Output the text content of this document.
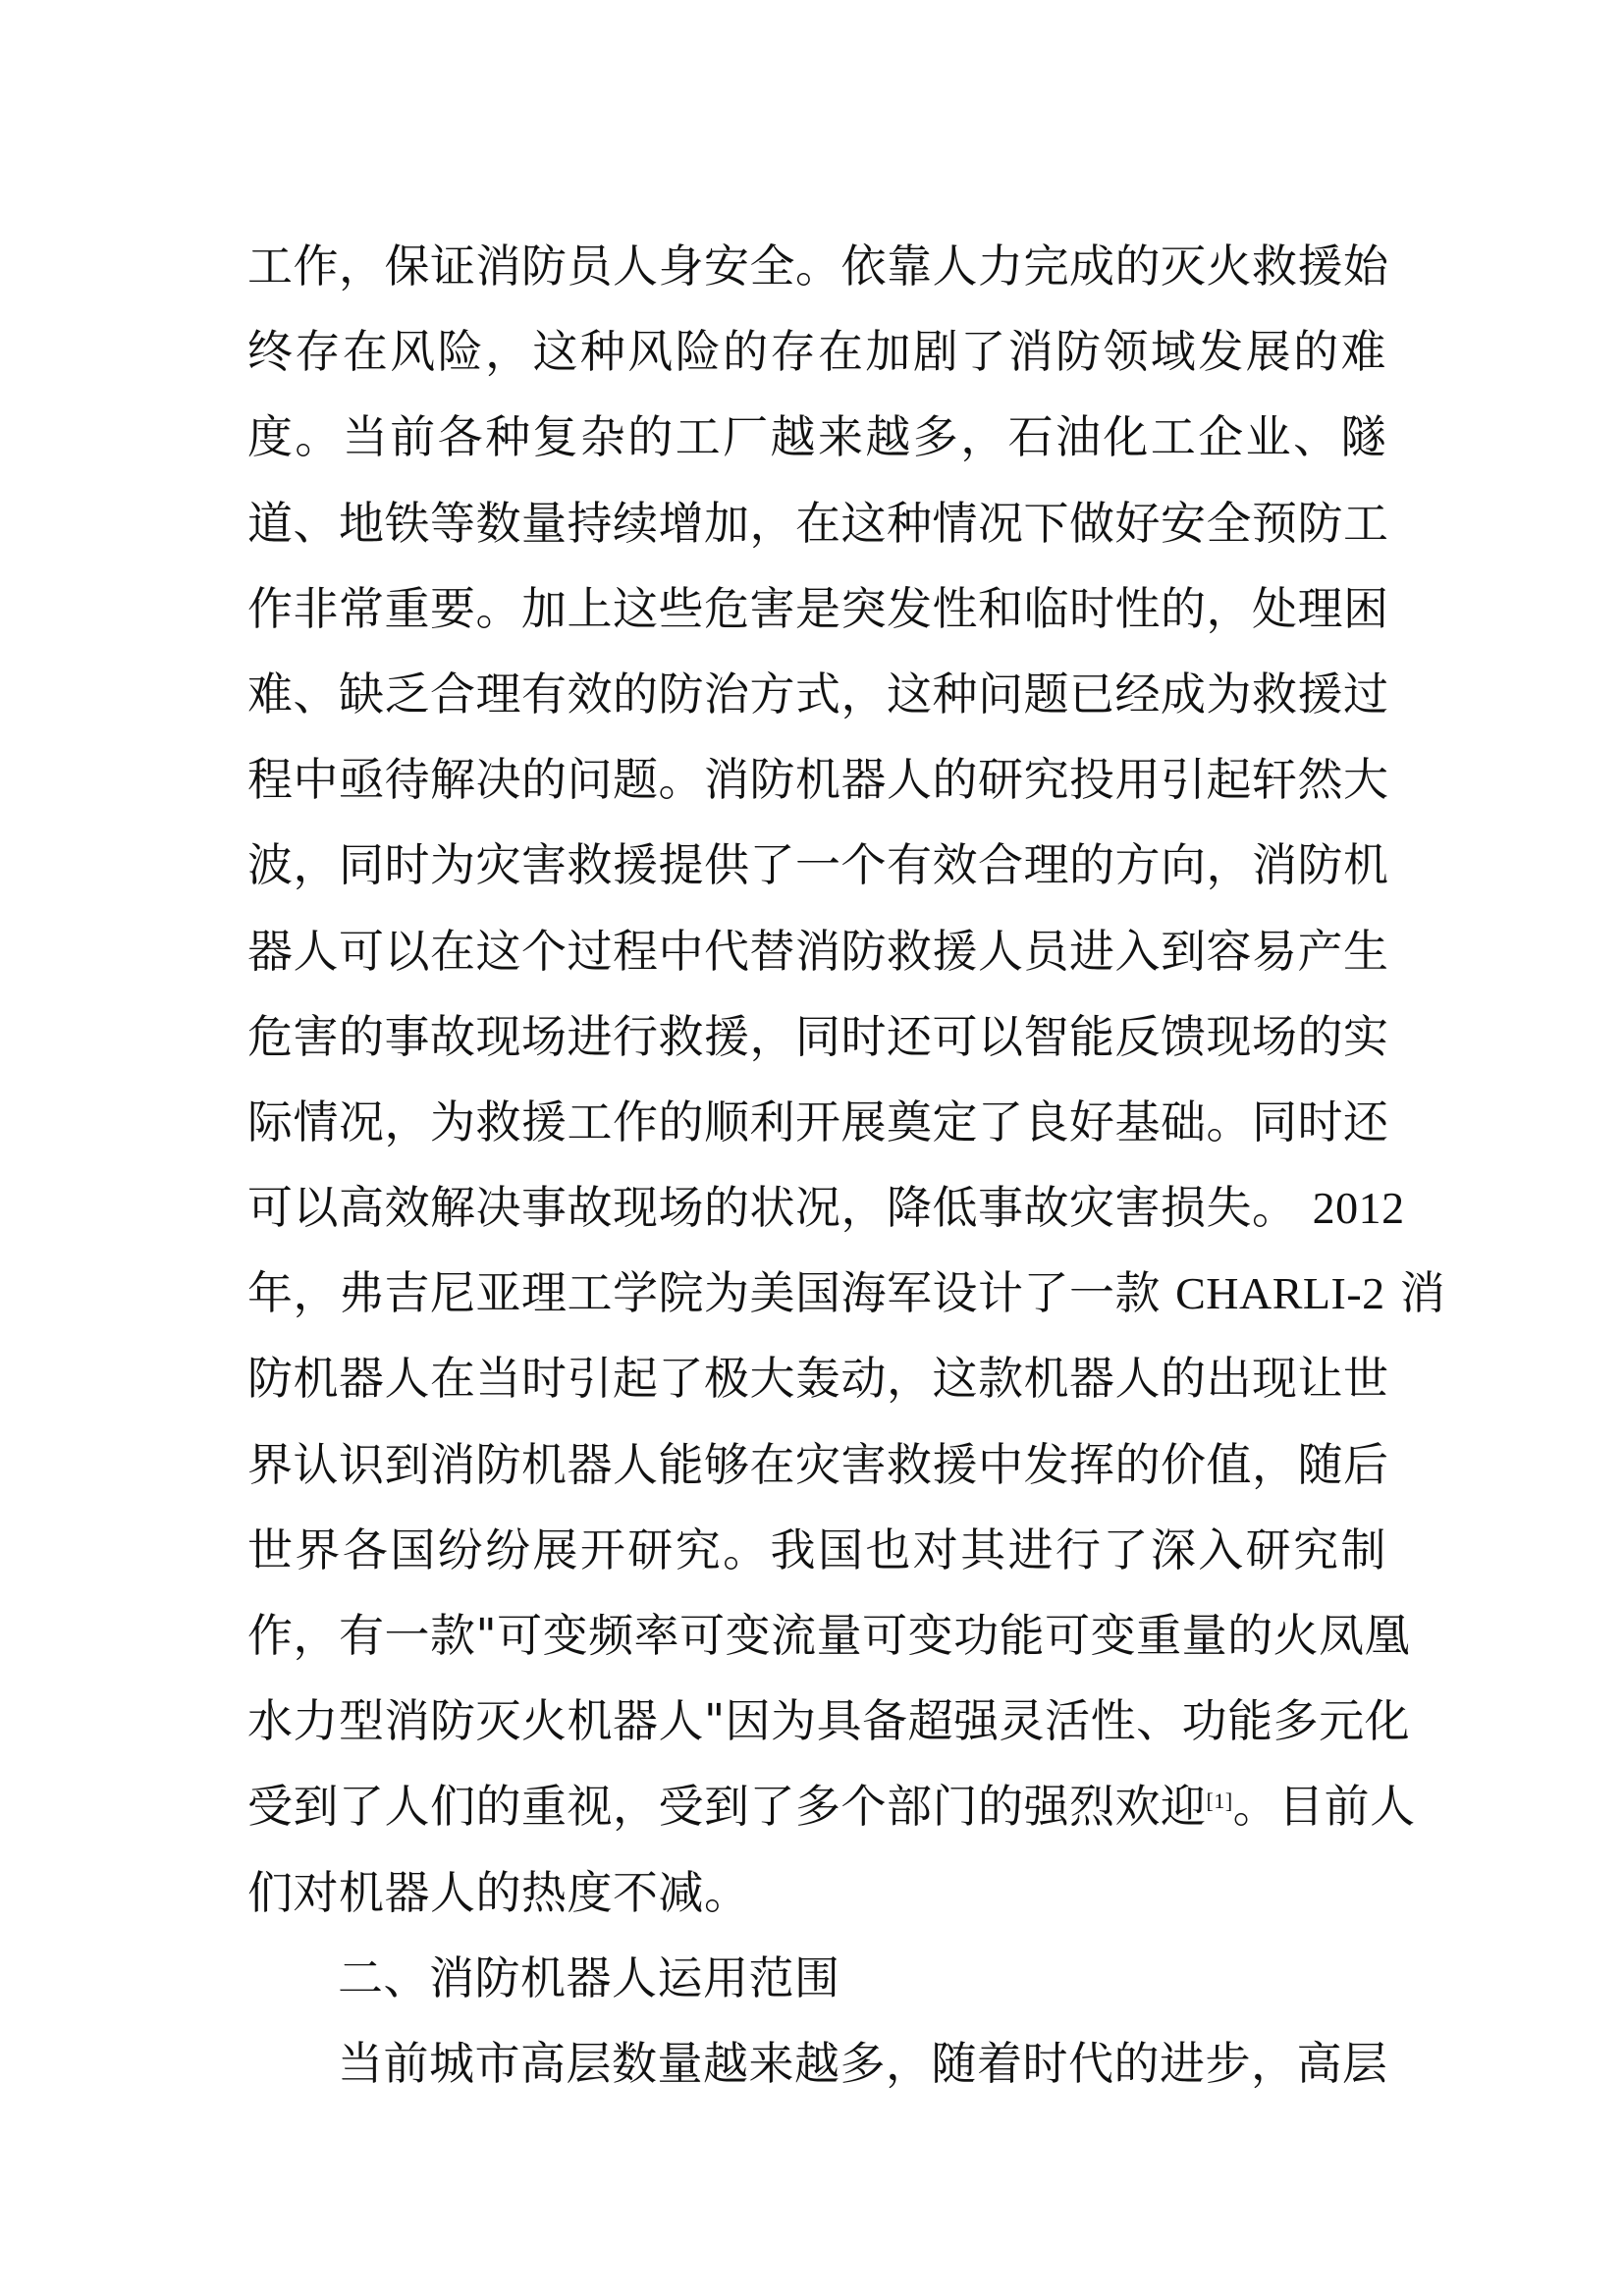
工作，保证消防员人身安全。依靠人力完成的灭火救援始
终存在风险，这种风险的存在加剧了消防领域发展的难
度。当前各种复杂的工厂越来越多，石油化工企业、隧
道、地铁等数量持续增加，在这种情况下做好安全预防工
作非常重要。加上这些危害是突发性和临时性的，处理困
难、缺乏合理有效的防治方式，这种问题已经成为救援过
程中亟待解决的问题。消防机器人的研究投用引起轩然大
波，同时为灾害救援提供了一个有效合理的方向，消防机
器人可以在这个过程中代替消防救援人员进入到容易产生
危害的事故现场进行救援，同时还可以智能反馈现场的实
际情况，为救援工作的顺利开展奠定了良好基础。同时还
可以高效解决事故现场的状况，降低事故灾害损失。 2012
年，弗吉尼亚理工学院为美国海军设计了一款 CHARLI-2 消
防机器人在当时引起了极大轰动，这款机器人的出现让世
界认识到消防机器人能够在灾害救援中发挥的价值，随后
世界各国纷纷展开研究。我国也对其进行了深入研究制
作，有一款"可变频率可变流量可变功能可变重量的火凤凰
水力型消防灭火机器人"因为具备超强灵活性、功能多元化
受到了人们的重视，受到了多个部门的强烈欢迎[1]。目前人
们对机器人的热度不减。
二、消防机器人运用范围
当前城市高层数量越来越多，随着时代的进步，高层
